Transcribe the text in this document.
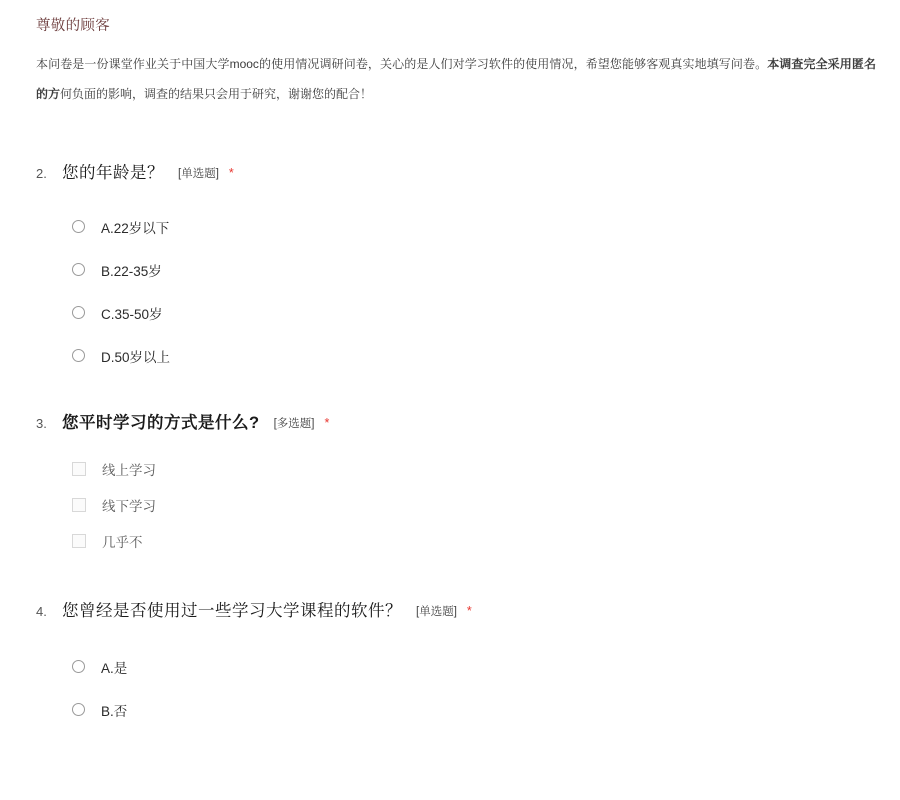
尊敬的顾客
本问卷是一份课堂作业关于中国大学mooc的使用情况调研问卷，关心的是人们对学习软件的使用情况，希望您能够客观真实地填写问卷。本调查完全采用匿名的方何负面的影响，调查的结果只会用于研究，谢谢您的配合！
2. 您的年龄是？ [单选题] *
A.22岁以下
B.22-35岁
C.35-50岁
D.50岁以上
3. 您平时学习的方式是什么? [多选题] *
线上学习
线下学习
几乎不
4. 您曾经是否使用过一些学习大学课程的软件？ [单选题] *
A.是
B.否
